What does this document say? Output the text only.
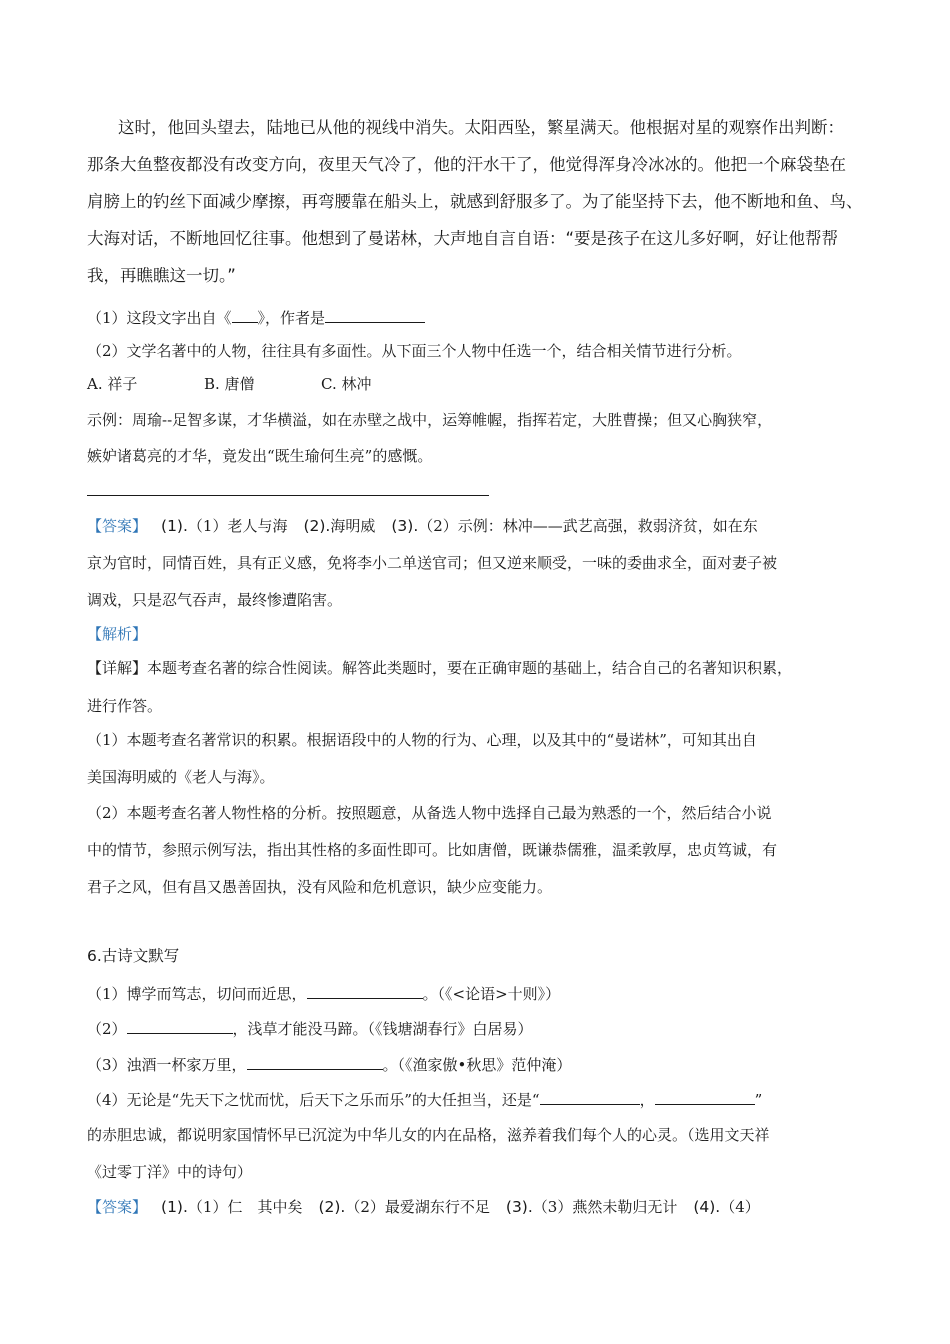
这时，他回头望去，陆地已从他的视线中消失。太阳西坠，繁星满天。他根据对星的观察作出判断：
那条大鱼整夜都没有改变方向，夜里天气冷了，他的汗水干了，他觉得浑身冷冰冰的。他把一个麻袋垫在
肩膀上的钓丝下面减少摩擦，再弯腰靠在船头上，就感到舒服多了。为了能坚持下去，他不断地和鱼、鸟、
大海对话，不断地回忆往事。他想到了曼诺林，大声地自言自语：“要是孩子在这儿多好啊，好让他帮帮
我，再瞧瞧这一切。”
（1）这段文字出自《 》，作者是
（2）文学名著中的人物，往往具有多面性。从下面三个人物中任选一个，结合相关情节进行分析。
A. 祥子	B. 唐僧	C. 林冲
示例：周瑜--足智多谋，才华横溢，如在赤壁之战中，运筹帷幄，指挥若定，大胜曹操；但又心胸狭窄，
嫉妒诸葛亮的才华，竟发出“既生瑜何生亮”的感慨。
【答案】 (1).（1）老人与海 (2).海明威 (3).（2）示例：林冲——武艺高强，救弱济贫，如在东
京为官时，同情百姓，具有正义感，免将李小二单送官司；但又逆来顺受，一味的委曲求全，面对妻子被
调戏，只是忍气吞声，最终惨遭陷害。
【解析】
【详解】本题考查名著的综合性阅读。解答此类题时，要在正确审题的基础上，结合自己的名著知识积累，
进行作答。
（1）本题考查名著常识的积累。根据语段中的人物的行为、心理，以及其中的“曼诺林”，可知其出自
美国海明威的《老人与海》。
（2）本题考查名著人物性格的分析。按照题意，从备选人物中选择自己最为熟悉的一个，然后结合小说
中的情节，参照示例写法，指出其性格的多面性即可。比如唐僧，既谦恭儒雅，温柔敦厚，忠贞笃诚，有
君子之风，但有昌又愚善固执，没有风险和危机意识，缺少应变能力。
6.古诗文默写
（1）博学而笃志，切问而近思，	。（《<论语>十则》）
（2）	，浅草才能没马蹄。（《钱塘湖春行》白居易）
（3）浊酒一杯家万里，	。（《渔家傲•秋思》范仲淹）
（4）无论是“先天下之忧而忧，后天下之乐而乐”的大任担当，还是“	，	”
的赤胆忠诚，都说明家国情怀早已沉淀为中华儿女的内在品格，滋养着我们每个人的心灵。（选用文天祥
《过零丁洋》中的诗句）
【答案】 (1).（1）仁　其中矣 (2).（2）最爱湖东行不足 (3).（3）燕然未勒归无计 (4).（4）
